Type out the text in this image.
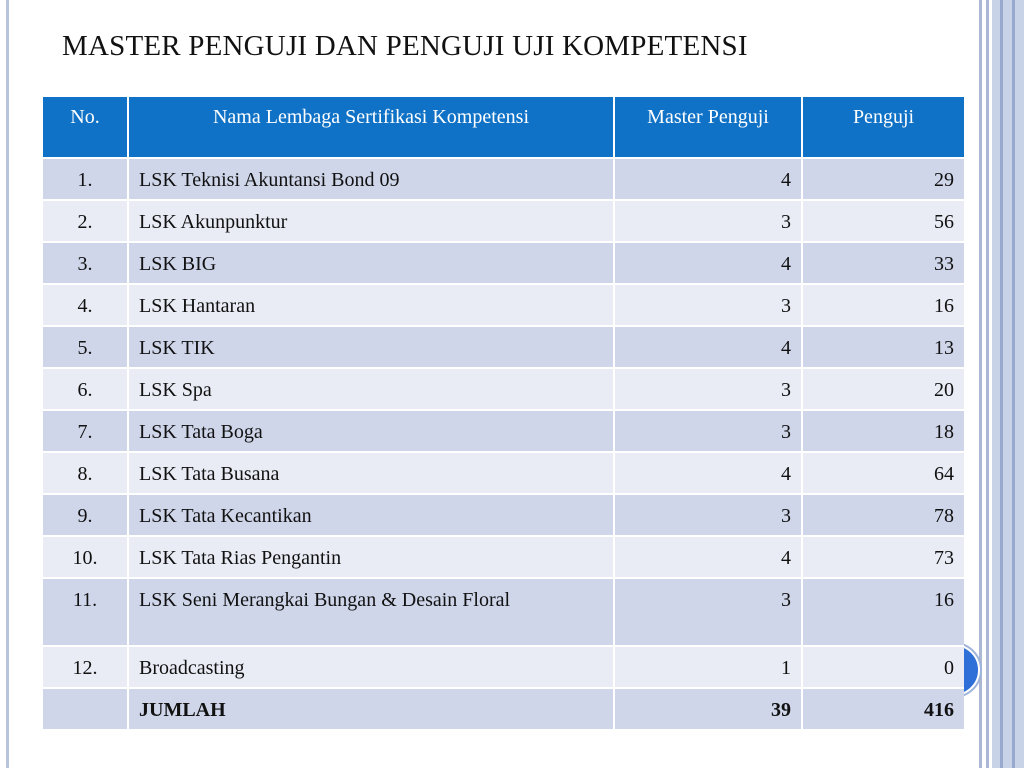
MASTER PENGUJI DAN PENGUJI UJI KOMPETENSI
No.	Nama Lembaga Sertifikasi Kompetensi	Master Penguji	Penguji
1.	LSK Teknisi Akuntansi Bond 09	4	29
2.	LSK Akunpunktur	3	56
3.	LSK BIG	4	33
4.	LSK Hantaran	3	16
5.	LSK TIK	4	13
6.	LSK Spa	3	20
7.	LSK Tata Boga	3	18
8.	LSK Tata Busana	4	64
9.	LSK Tata Kecantikan	3	78
10.	LSK Tata Rias Pengantin	4	73
11.	LSK Seni Merangkai Bungan & Desain Floral	3	16
12.	Broadcasting	1	0
	JUMLAH	39	416
